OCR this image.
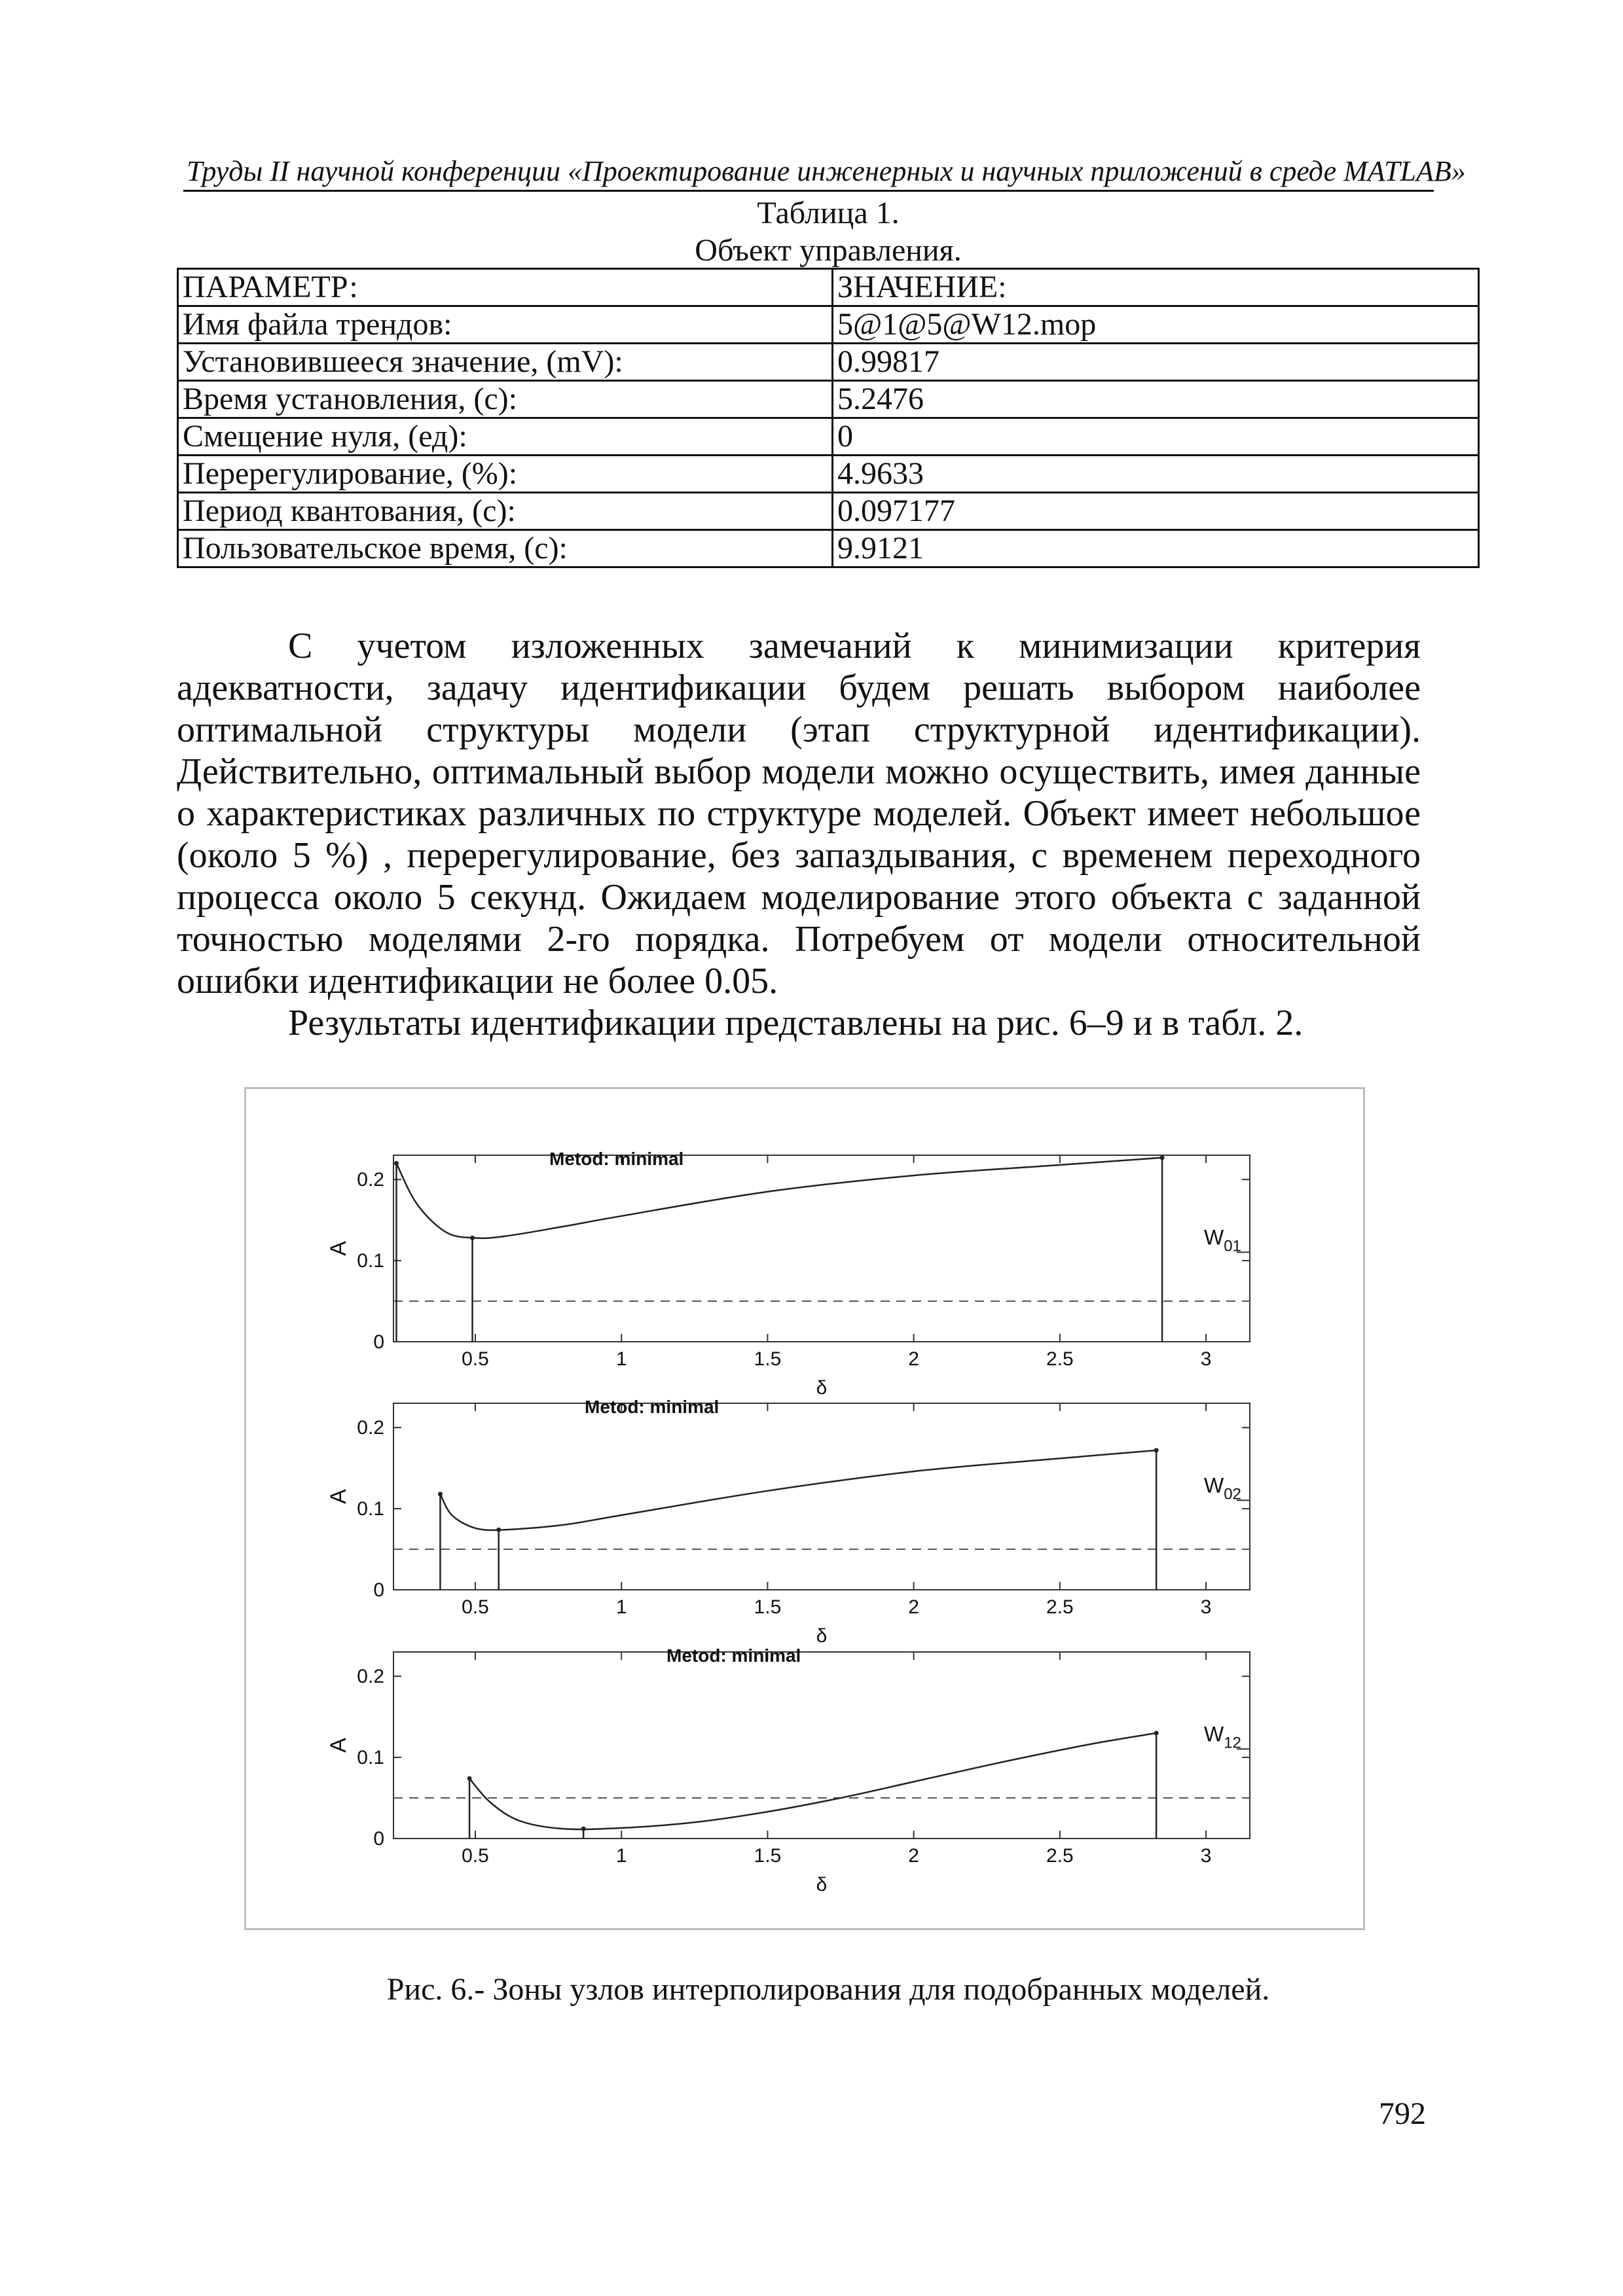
Труды II научной конференции «Проектирование инженерных и научных приложений в среде MATLAB»
Таблица 1.
Объект управления.
ПАРАМЕТР:	ЗНАЧЕНИЕ:
Имя файла трендов:	5@1@5@W12.mop
Установившееся значение, (mV):	0.99817
Время установления, (с):	5.2476
Смещение нуля, (ед):	0
Перерегулирование, (%):	4.9633
Период квантования, (с):	0.097177
Пользовательское время, (с):	9.9121

С учетом изложенных замечаний к минимизации критерия адекватности, задачу идентификации будем решать выбором наиболее оптимальной структуры модели (этап структурной идентификации). Действительно, оптимальный выбор модели можно осуществить, имея данные о характеристиках различных по структуре моделей. Объект имеет небольшое (около 5 %) , перерегулирование, без запаздывания, с временем переходного процесса около 5 секунд. Ожидаем моделирование этого объекта с заданной точностью моделями 2-го порядка. Потребуем от модели относительной ошибки идентификации не более 0.05.

Результаты идентификации представлены на рис. 6–9 и в табл. 2.

0.5	1	1.5	2	2.5	3
0
0.1
0.2
δ
A
Metod: minimal
$W_{01}$
0.5	1	1.5	2	2.5	3
0
0.1
0.2
δ
A
Metod: minimal
$W_{02}$
0.5	1	1.5	2	2.5	3
0
0.1
0.2
δ
A
Metod: minimal
$W_{12}$
Рис. 6.- Зоны узлов интерполирования для подобранных моделей.
792
